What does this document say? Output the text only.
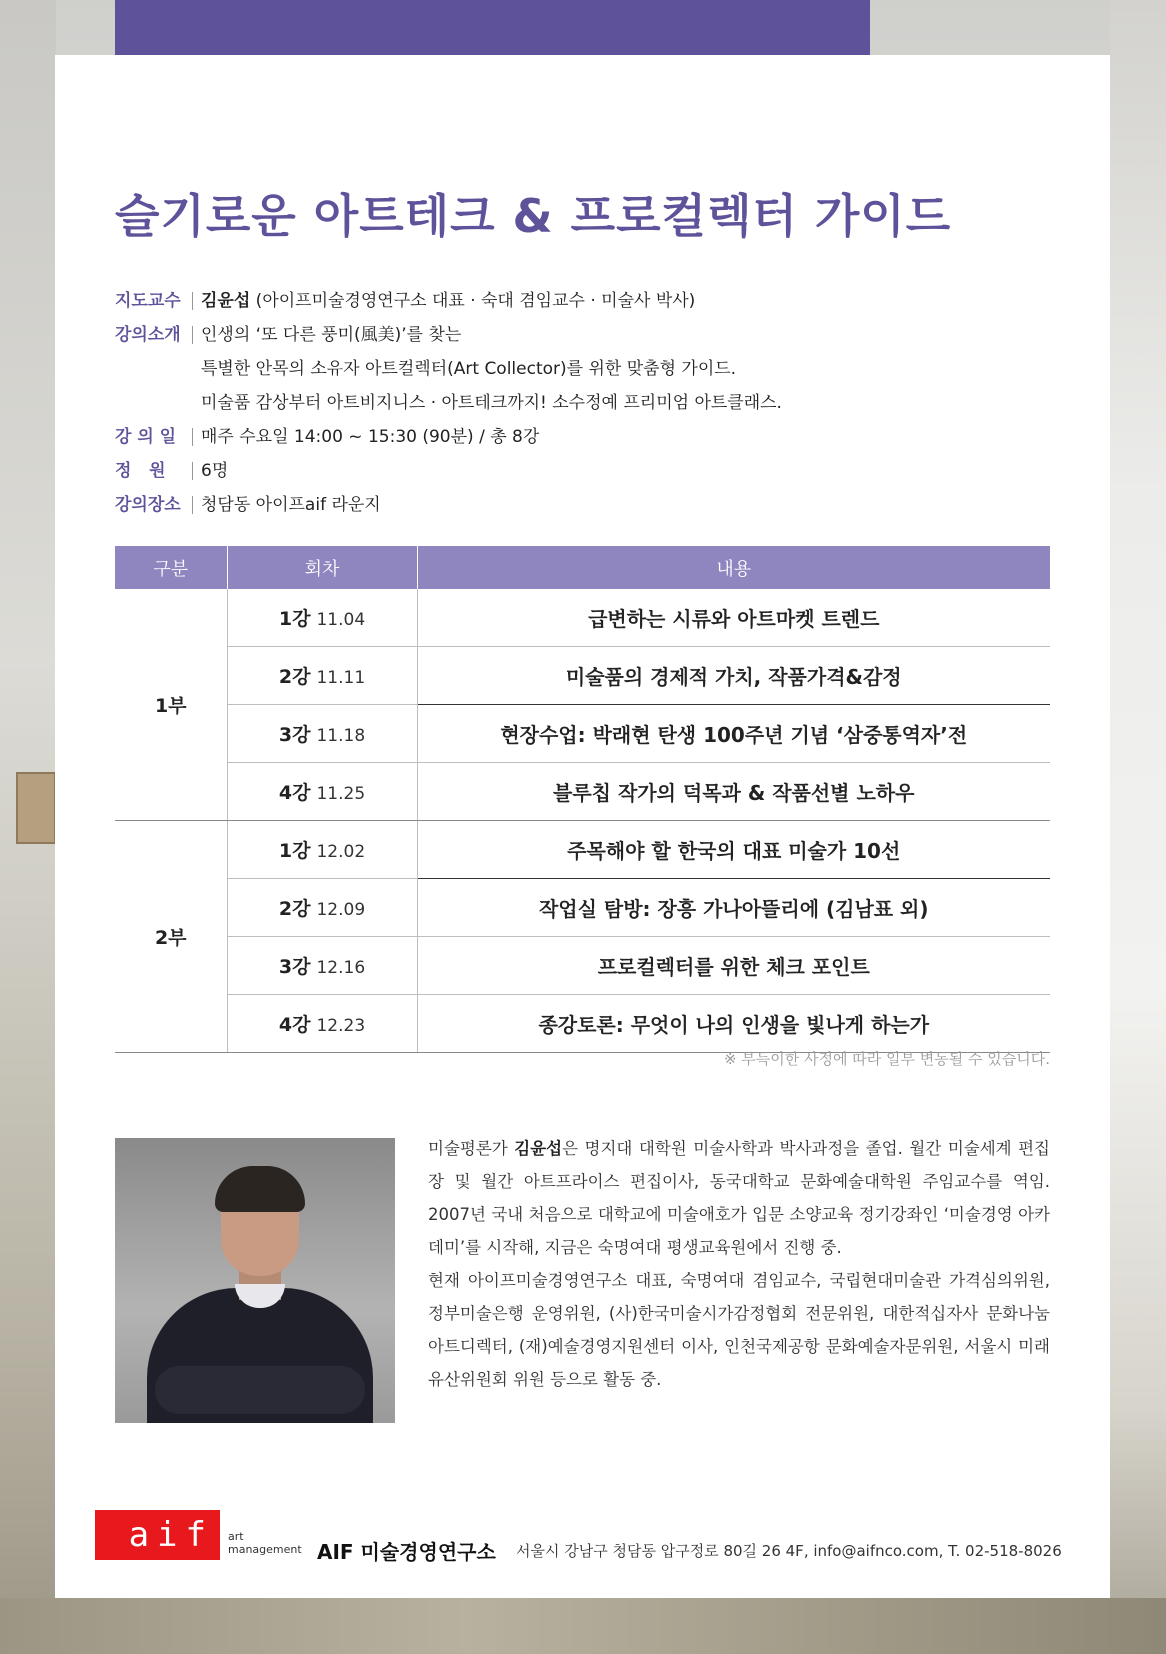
슬기로운 아트테크 & 프로컬렉터 가이드
지도교수	김윤섭 (아이프미술경영연구소 대표 · 숙대 겸임교수 · 미술사 박사)
강의소개	인생의 ‘또 다른 풍미(風美)’를 찾는
특별한 안목의 소유자 아트컬렉터(Art Collector)를 위한 맞춤형 가이드.
미술품 감상부터 아트비지니스 · 아트테크까지! 소수정예 프리미엄 아트클래스.
강 의 일	매주 수요일 14:00 ~ 15:30 (90분) / 총 8강
정   원	6명
강의장소	청담동 아이프aif 라운지
구분	회차	내용
1부	1강 11.04	급변하는 시류와 아트마켓 트렌드
	2강 11.11	미술품의 경제적 가치, 작품가격&감정
	3강 11.18	현장수업: 박래현 탄생 100주년 기념 ‘삼중통역자’전
	4강 11.25	블루칩 작가의 덕목과 & 작품선별 노하우
2부	1강 12.02	주목해야 할 한국의 대표 미술가 10선
	2강 12.09	작업실 탐방: 장흥 가나아뜰리에 (김남표 외)
	3강 12.16	프로컬렉터를 위한 체크 포인트
	4강 12.23	종강토론: 무엇이 나의 인생을 빛나게 하는가
※ 부득이한 사정에 따라 일부 변동될 수 있습니다.

미술평론가 김윤섭은 명지대 대학원 미술사학과 박사과정을 졸업. 월간 미술세계 편집장 및 월간 아트프라이스 편집이사, 동국대학교 문화예술대학원 주임교수를 역임. 2007년 국내 처음으로 대학교에 미술애호가 입문 소양교육 정기강좌인 ‘미술경영 아카데미’를 시작해, 지금은 숙명여대 평생교육원에서 진행 중.

현재 아이프미술경영연구소 대표, 숙명여대 겸임교수, 국립현대미술관 가격심의위원, 정부미술은행 운영위원, (사)한국미술시가감정협회 전문위원, 대한적십자사 문화나눔 아트디렉터, (재)예술경영지원센터 이사, 인천국제공항 문화예술자문위원, 서울시 미래유산위원회 위원 등으로 활동 중.

aif	art
management AIF 미술경영연구소 서울시 강남구 청담동 압구정로 80길 26 4F, info@aifnco.com, T. 02-518-8026
